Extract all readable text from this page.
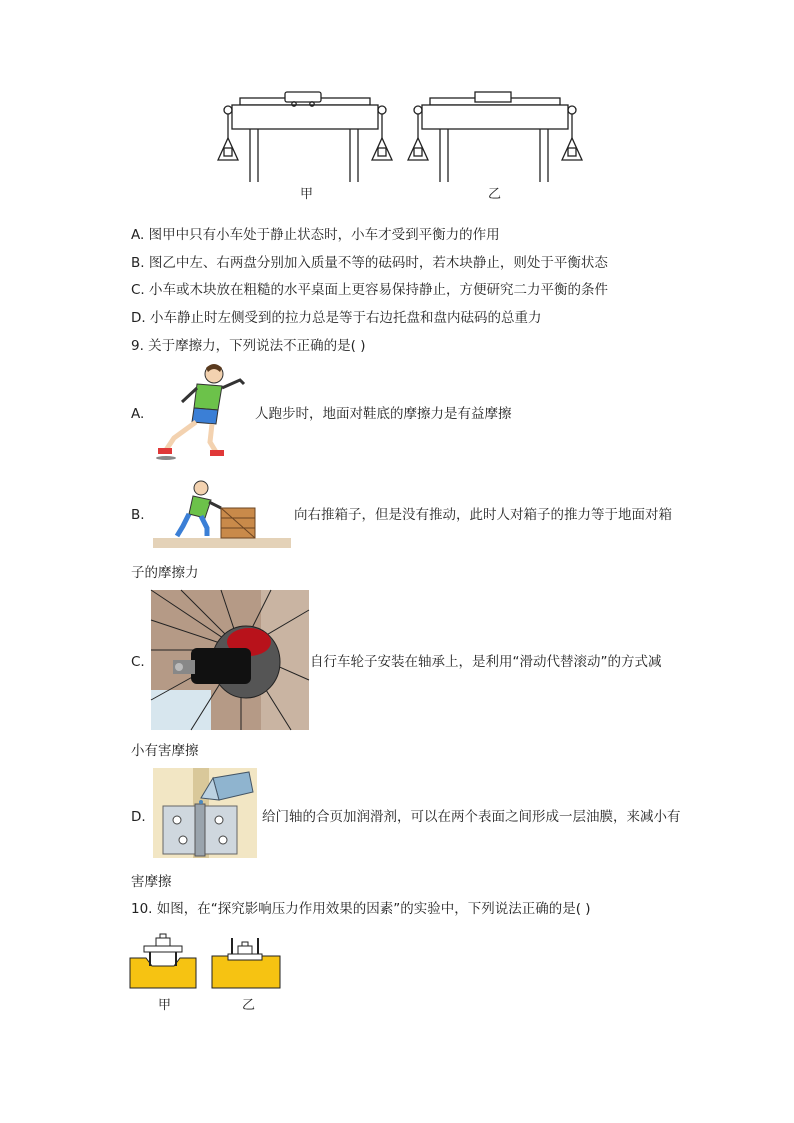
甲	乙
A. 图甲中只有小车处于静止状态时，小车才受到平衡力的作用
B. 图乙中左、右两盘分别加入质量不等的砝码时，若木块静止，则处于平衡状态
C. 小车或木块放在粗糙的水平桌面上更容易保持静止，方便研究二力平衡的条件
D. 小车静止时左侧受到的拉力总是等于右边托盘和盘内砝码的总重力
9. 关于摩擦力，下列说法不正确的是( )
A.	人跑步时，地面对鞋底的摩擦力是有益摩擦
B.	向右推箱子，但是没有推动，此时人对箱子的推力等于地面对箱
子的摩擦力
C.	自行车轮子安装在轴承上，是利用“滑动代替滚动”的方式减
小有害摩擦
D.	给门轴的合页加润滑剂，可以在两个表面之间形成一层油膜，来减小有
害摩擦
10. 如图，在“探究影响压力作用效果的因素”的实验中，下列说法正确的是( )
甲	乙
